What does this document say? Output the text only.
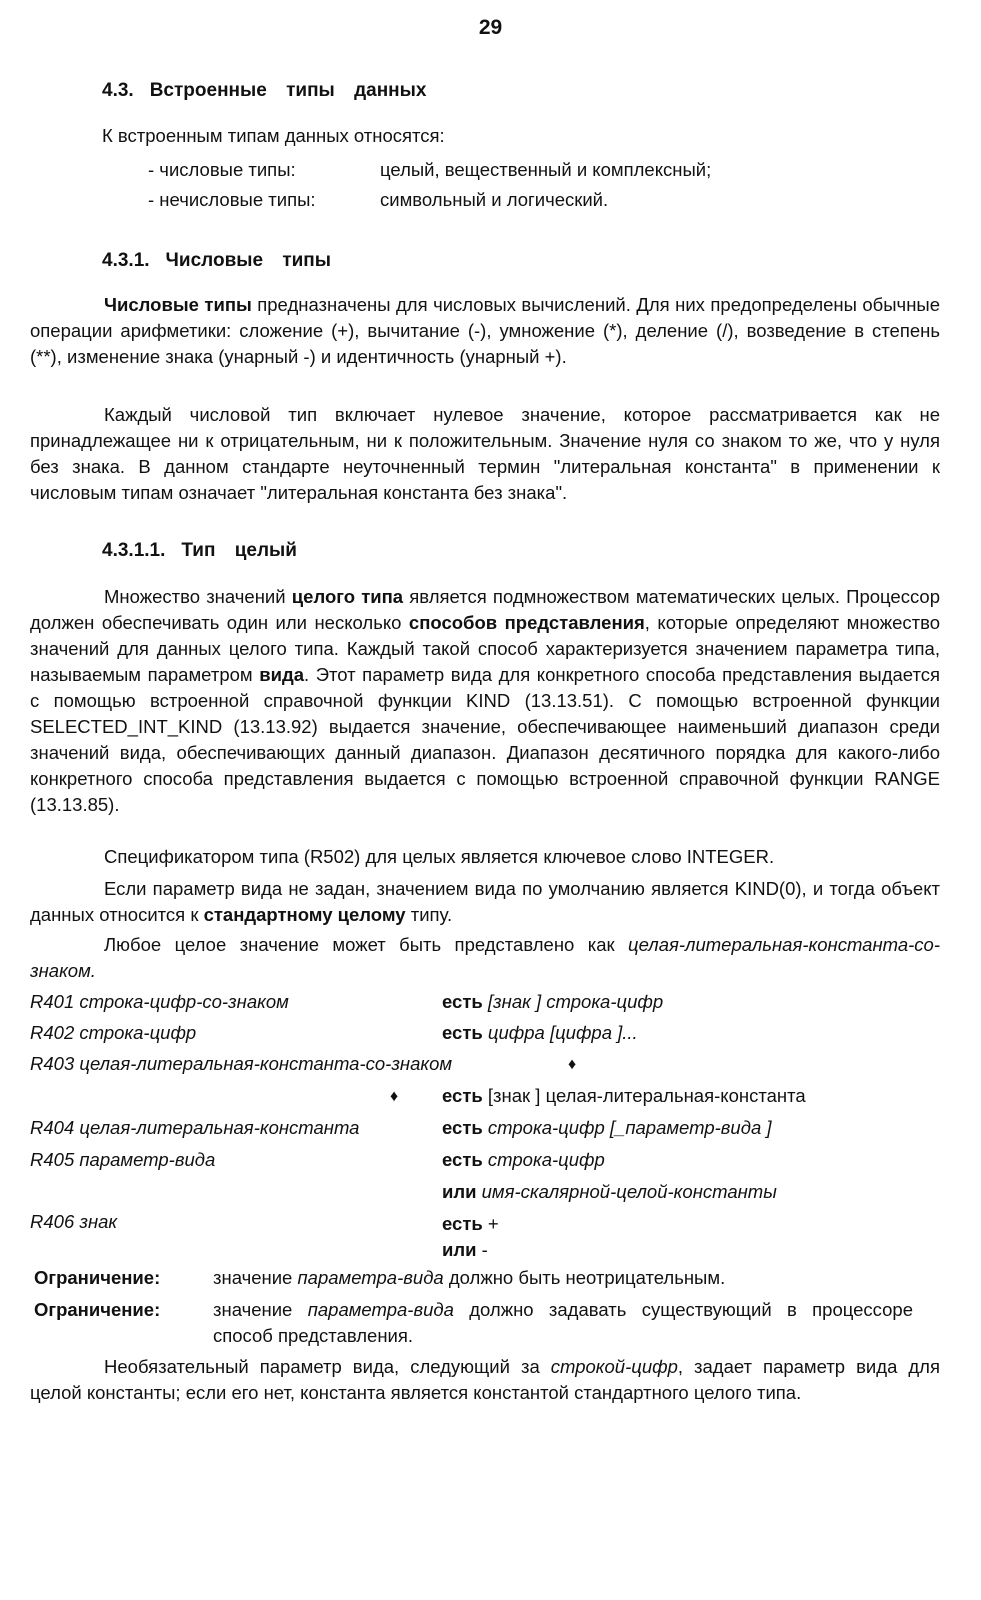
29
4.3. Встроенные типы данных
К встроенным типам данных относятся:
- числовые типы:	целый, вещественный и комплексный;
- нечисловые типы:	символьный и логический.
4.3.1. Числовые типы
Числовые типы предназначены для числовых вычислений. Для них предопределены обычные операции арифметики: сложение (+), вычитание (-), умножение (*), деление (/), возведение в степень (**), изменение знака (унарный -) и идентичность (унарный +).
Каждый числовой тип включает нулевое значение, которое рассматривается как не принадлежащее ни к отрицательным, ни к положительным. Значение нуля со знаком то же, что у нуля без знака. В данном стандарте неуточненный термин "литеральная константа" в применении к числовым типам означает "литеральная константа без знака".
4.3.1.1. Тип целый
Множество значений целого типа является подмножеством математических целых. Процессор должен обеспечивать один или несколько способов представления, которые определяют множество значений для данных целого типа. Каждый такой способ характеризуется значением параметра типа, называемым параметром вида. Этот параметр вида для конкретного способа представления выдается с помощью встроенной справочной функции KIND (13.13.51). С помощью встроенной функции SELECTED_INT_KIND (13.13.92) выдается значение, обеспечивающее наименьший диапазон среди значений вида, обеспечивающих данный диапазон. Диапазон десятичного порядка для какого-либо конкретного способа представления выдается с помощью встроенной справочной функции RANGE (13.13.85).
Спецификатором типа (R502) для целых является ключевое слово INTEGER.
Если параметр вида не задан, значением вида по умолчанию является KIND(0), и тогда объект данных относится к стандартному целому типу.
Любое целое значение может быть представлено как целая-литеральная-константа-со-знаком.
R401 строка-цифр-со-знаком	есть [знак ] строка-цифр
R402 строка-цифр	есть цифра [цифра ]...
R403 целая-литеральная-константа-со-знаком	♦
♦ есть [знак ] целая-литеральная-константа
R404 целая-литеральная-константа	есть строка-цифр [_параметр-вида ]
R405 параметр-вида	есть строка-цифр
или имя-скалярной-целой-константы
R406 знак	есть +
или -
Ограничение:	значение параметра-вида должно быть неотрицательным.
Ограничение:	значение параметра-вида должно задавать существующий в процессоре способ представления.
Необязательный параметр вида, следующий за строкой-цифр, задает параметр вида для целой константы; если его нет, константа является константой стандартного целого типа.
